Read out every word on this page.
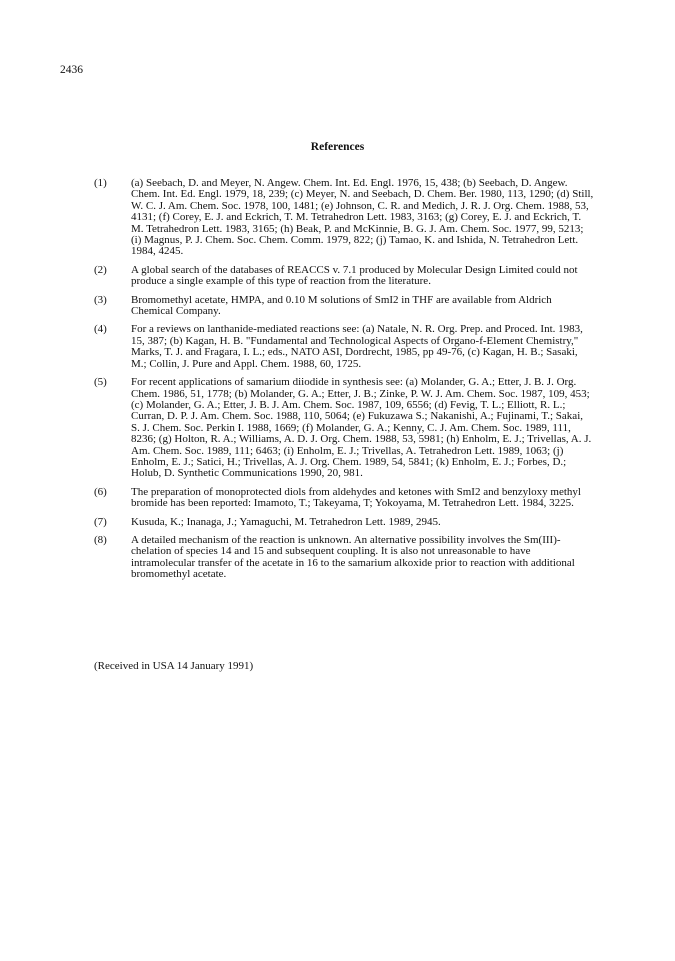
2436
References
(1)	(a) Seebach, D. and Meyer, N. Angew. Chem. Int. Ed. Engl. 1976, 15, 438; (b) Seebach, D. Angew. Chem. Int. Ed. Engl. 1979, 18, 239; (c) Meyer, N. and Seebach, D. Chem. Ber. 1980, 113, 1290; (d) Still, W. C. J. Am. Chem. Soc. 1978, 100, 1481; (e) Johnson, C. R. and Medich, J. R. J. Org. Chem. 1988, 53, 4131; (f) Corey, E. J. and Eckrich, T. M. Tetrahedron Lett. 1983, 3163; (g) Corey, E. J. and Eckrich, T. M. Tetrahedron Lett. 1983, 3165; (h) Beak, P. and McKinnie, B. G. J. Am. Chem. Soc. 1977, 99, 5213; (i) Magnus, P. J. Chem. Soc. Chem. Comm. 1979, 822; (j) Tamao, K. and Ishida, N. Tetrahedron Lett. 1984, 4245.
(2)	A global search of the databases of REACCS v. 7.1 produced by Molecular Design Limited could not produce a single example of this type of reaction from the literature.
(3)	Bromomethyl acetate, HMPA, and 0.10 M solutions of SmI2 in THF are available from Aldrich Chemical Company.
(4)	For a reviews on lanthanide-mediated reactions see: (a) Natale, N. R. Org. Prep. and Proced. Int. 1983, 15, 387; (b) Kagan, H. B. "Fundamental and Technological Aspects of Organo-f-Element Chemistry," Marks, T. J. and Fragara, I. L.; eds., NATO ASI, Dordrecht, 1985, pp 49-76, (c) Kagan, H. B.; Sasaki, M.; Collin, J. Pure and Appl. Chem. 1988, 60, 1725.
(5)	For recent applications of samarium diiodide in synthesis see: (a) Molander, G. A.; Etter, J. B. J. Org. Chem. 1986, 51, 1778; (b) Molander, G. A.; Etter, J. B.; Zinke, P. W. J. Am. Chem. Soc. 1987, 109, 453; (c) Molander, G. A.; Etter, J. B. J. Am. Chem. Soc. 1987, 109, 6556; (d) Fevig, T. L.; Elliott, R. L.; Curran, D. P. J. Am. Chem. Soc. 1988, 110, 5064; (e) Fukuzawa S.; Nakanishi, A.; Fujinami, T.; Sakai, S. J. Chem. Soc. Perkin I. 1988, 1669; (f) Molander, G. A.; Kenny, C. J. Am. Chem. Soc. 1989, 111, 8236; (g) Holton, R. A.; Williams, A. D. J. Org. Chem. 1988, 53, 5981; (h) Enholm, E. J.; Trivellas, A. J. Am. Chem. Soc. 1989, 111; 6463; (i) Enholm, E. J.; Trivellas, A. Tetrahedron Lett. 1989, 1063; (j) Enholm, E. J.; Satici, H.; Trivellas, A. J. Org. Chem. 1989, 54, 5841; (k) Enholm, E. J.; Forbes, D.; Holub, D. Synthetic Communications 1990, 20, 981.
(6)	The preparation of monoprotected diols from aldehydes and ketones with SmI2 and benzyloxy methyl bromide has been reported: Imamoto, T.; Takeyama, T; Yokoyama, M. Tetrahedron Lett. 1984, 3225.
(7)	Kusuda, K.; Inanaga, J.; Yamaguchi, M. Tetrahedron Lett. 1989, 2945.
(8)	A detailed mechanism of the reaction is unknown. An alternative possibility involves the Sm(III)-chelation of species 14 and 15 and subsequent coupling. It is also not unreasonable to have intramolecular transfer of the acetate in 16 to the samarium alkoxide prior to reaction with additional bromomethyl acetate.
(Received in USA 14 January 1991)
